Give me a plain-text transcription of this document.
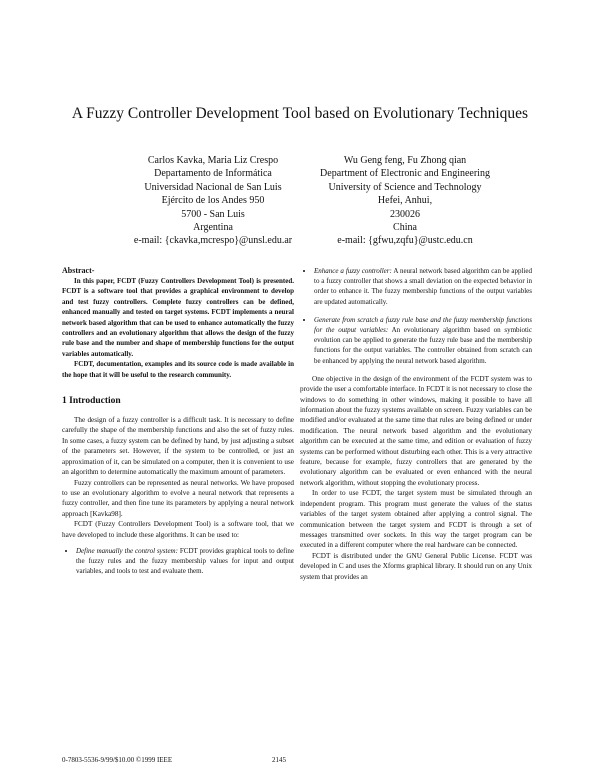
A Fuzzy Controller Development Tool based on Evolutionary Techniques
Carlos Kavka, Maria Liz Crespo
Departamento de Informática
Universidad Nacional de San Luis
Ejército de los Andes 950
5700 - San Luis
Argentina
e-mail: {ckavka,mcrespo}@unsl.edu.ar
Wu Geng feng, Fu Zhong qian
Department of Electronic and Engineering
University of Science and Technology
Hefei, Anhui,
230026
China
e-mail: {gfwu,zqfu}@ustc.edu.cn
Abstract-

In this paper, FCDT (Fuzzy Controllers Development Tool) is presented. FCDT is a software tool that provides a graphical environment to develop and test fuzzy controllers. Complete fuzzy controllers can be defined, enhanced manually and tested on target systems. FCDT implements a neural network based algorithm that can be used to enhance automatically the fuzzy controllers and an evolutionary algorithm that allows the design of the fuzzy rule base and the number and shape of membership functions for the output variables automatically.

FCDT, documentation, examples and its source code is made available in the hope that it will be useful to the research community.

1 Introduction

The design of a fuzzy controller is a difficult task. It is necessary to define carefully the shape of the membership functions and also the set of fuzzy rules. In some cases, a fuzzy system can be defined by hand, by just adjusting a subset of the parameters set. However, if the system to be controlled, or just an approximation of it, can be simulated on a computer, then it is convenient to use an algorithm to determine automatically the maximum amount of parameters.

Fuzzy controllers can be represented as neural networks. We have proposed to use an evolutionary algorithm to evolve a neural network that represents a fuzzy controller, and then fine tune its parameters by applying a neural network approach [Kavka98].

FCDT (Fuzzy Controllers Development Tool) is a software tool, that we have developed to include these algorithms. It can be used to:

• Define manually the control system: FCDT provides graphical tools to define the fuzzy rules and the fuzzy membership values for input and output variables, and tools to test and evaluate them.
• Enhance a fuzzy controller: A neural network based algorithm can be applied to a fuzzy controller that shows a small deviation on the expected behavior in order to enhance it. The fuzzy membership functions of the output variables are updated automatically.
• Generate from scratch a fuzzy rule base and the fuzzy membership functions for the output variables: An evolutionary algorithm based on symbiotic evolution can be applied to generate the fuzzy rule base and the membership functions for the output variables. The controller obtained from scratch can be enhanced by applying the neural network based algorithm.

One objective in the design of the environment of the FCDT system was to provide the user a comfortable interface. In FCDT it is not necessary to close the windows to do something in other windows, making it possible to have all information about the fuzzy systems available on screen. Fuzzy variables can be modified and/or evaluated at the same time that rules are being defined or under modification. The neural network based algorithm and the evolutionary algorithm can be executed at the same time, and edition or evaluation of fuzzy systems can be performed without disturbing each other. This is a very attractive feature, because for example, fuzzy controllers that are generated by the evolutionary algorithm can be evaluated or even enhanced with the neural network algorithm, without stopping the evolutionary process.

In order to use FCDT, the target system must be simulated through an independent program. This program must generate the values of the status variables of the target system obtained after applying a control signal. The communication between the target system and FCDT is through a set of messages transmitted over sockets. In this way the target program can be executed in a different computer where the real hardware can be connected.

FCDT is distributed under the GNU General Public License. FCDT was developed in C and uses the Xforms graphical library. It should run on any Unix system that provides an

0-7803-5536-9/99/$10.00 ©1999 IEEE	2145
